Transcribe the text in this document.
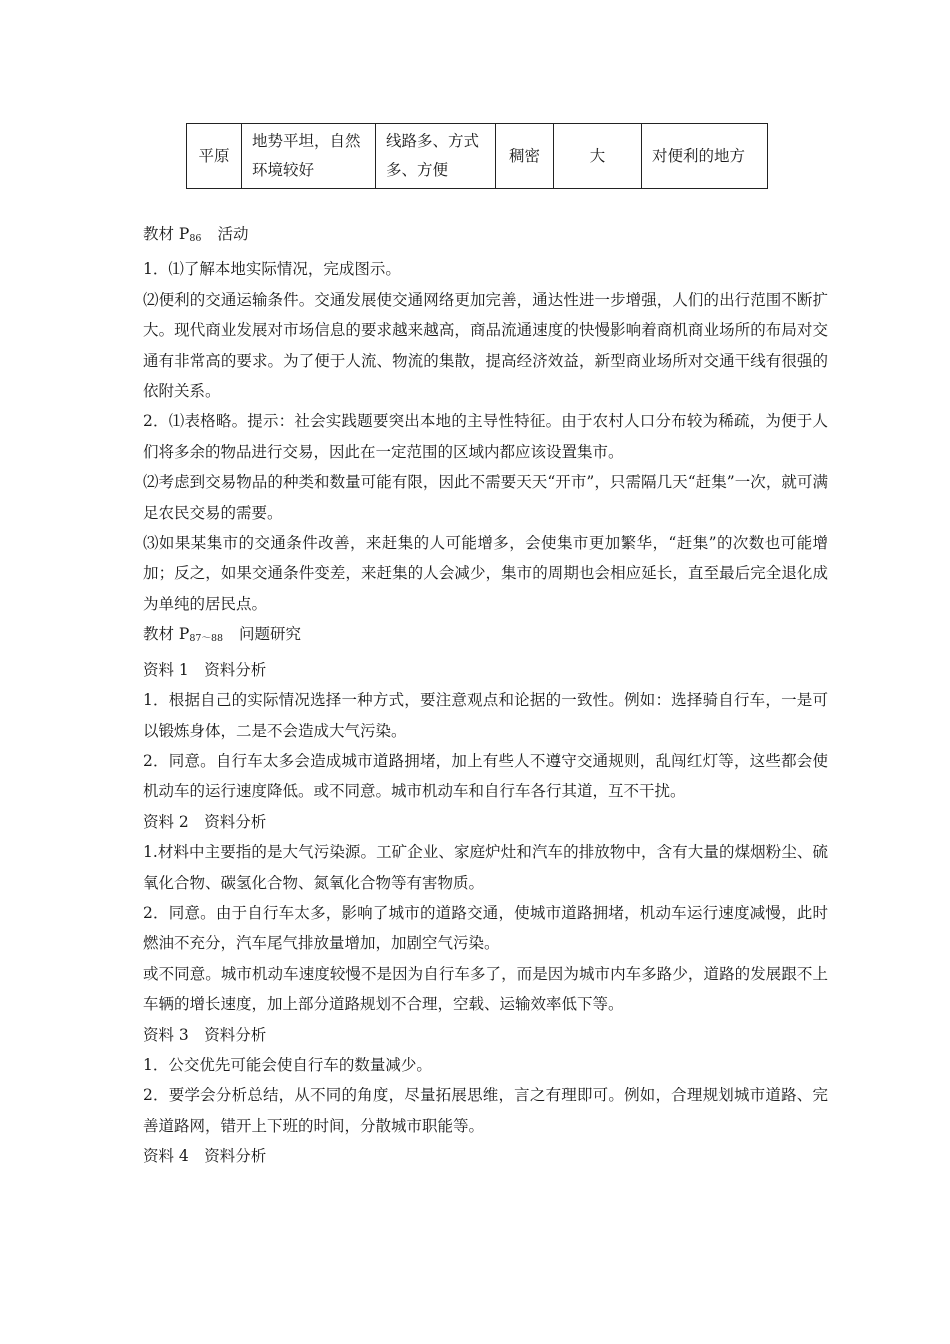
平原	地势平坦，自然环境较好	线路多、方式多、方便	稠密	大	对便利的地方

教材 $P_{86}$ 活动

1．⑴了解本地实际情况，完成图示。

⑵便利的交通运输条件。交通发展使交通网络更加完善，通达性进一步增强，人们的出行范围不断扩大。现代商业发展对市场信息的要求越来越高，商品流通速度的快慢影响着商机商业场所的布局对交通有非常高的要求。为了便于人流、物流的集散，提高经济效益，新型商业场所对交通干线有很强的依附关系。

2．⑴表格略。提示：社会实践题要突出本地的主导性特征。由于农村人口分布较为稀疏，为便于人们将多余的物品进行交易，因此在一定范围的区域内都应该设置集市。

⑵考虑到交易物品的种类和数量可能有限，因此不需要天天“开市”，只需隔几天“赶集”一次，就可满足农民交易的需要。

⑶如果某集市的交通条件改善，来赶集的人可能增多，会使集市更加繁华，“赶集”的次数也可能增加；反之，如果交通条件变差，来赶集的人会减少，集市的周期也会相应延长，直至最后完全退化成为单纯的居民点。

教材 $P_{87\sim 88}$ 问题研究

资料 1　资料分析

1．根据自己的实际情况选择一种方式，要注意观点和论据的一致性。例如：选择骑自行车，一是可以锻炼身体，二是不会造成大气污染。

2．同意。自行车太多会造成城市道路拥堵，加上有些人不遵守交通规则，乱闯红灯等，这些都会使机动车的运行速度降低。或不同意。城市机动车和自行车各行其道，互不干扰。

资料 2　资料分析

1.材料中主要指的是大气污染源。工矿企业、家庭炉灶和汽车的排放物中，含有大量的煤烟粉尘、硫氧化合物、碳氢化合物、氮氧化合物等有害物质。

2．同意。由于自行车太多，影响了城市的道路交通，使城市道路拥堵，机动车运行速度减慢，此时燃油不充分，汽车尾气排放量增加，加剧空气污染。

或不同意。城市机动车速度较慢不是因为自行车多了，而是因为城市内车多路少，道路的发展跟不上车辆的增长速度，加上部分道路规划不合理，空载、运输效率低下等。

资料 3　资料分析

1．公交优先可能会使自行车的数量减少。

2．要学会分析总结，从不同的角度，尽量拓展思维，言之有理即可。例如，合理规划城市道路、完善道路网，错开上下班的时间，分散城市职能等。

资料 4　资料分析
